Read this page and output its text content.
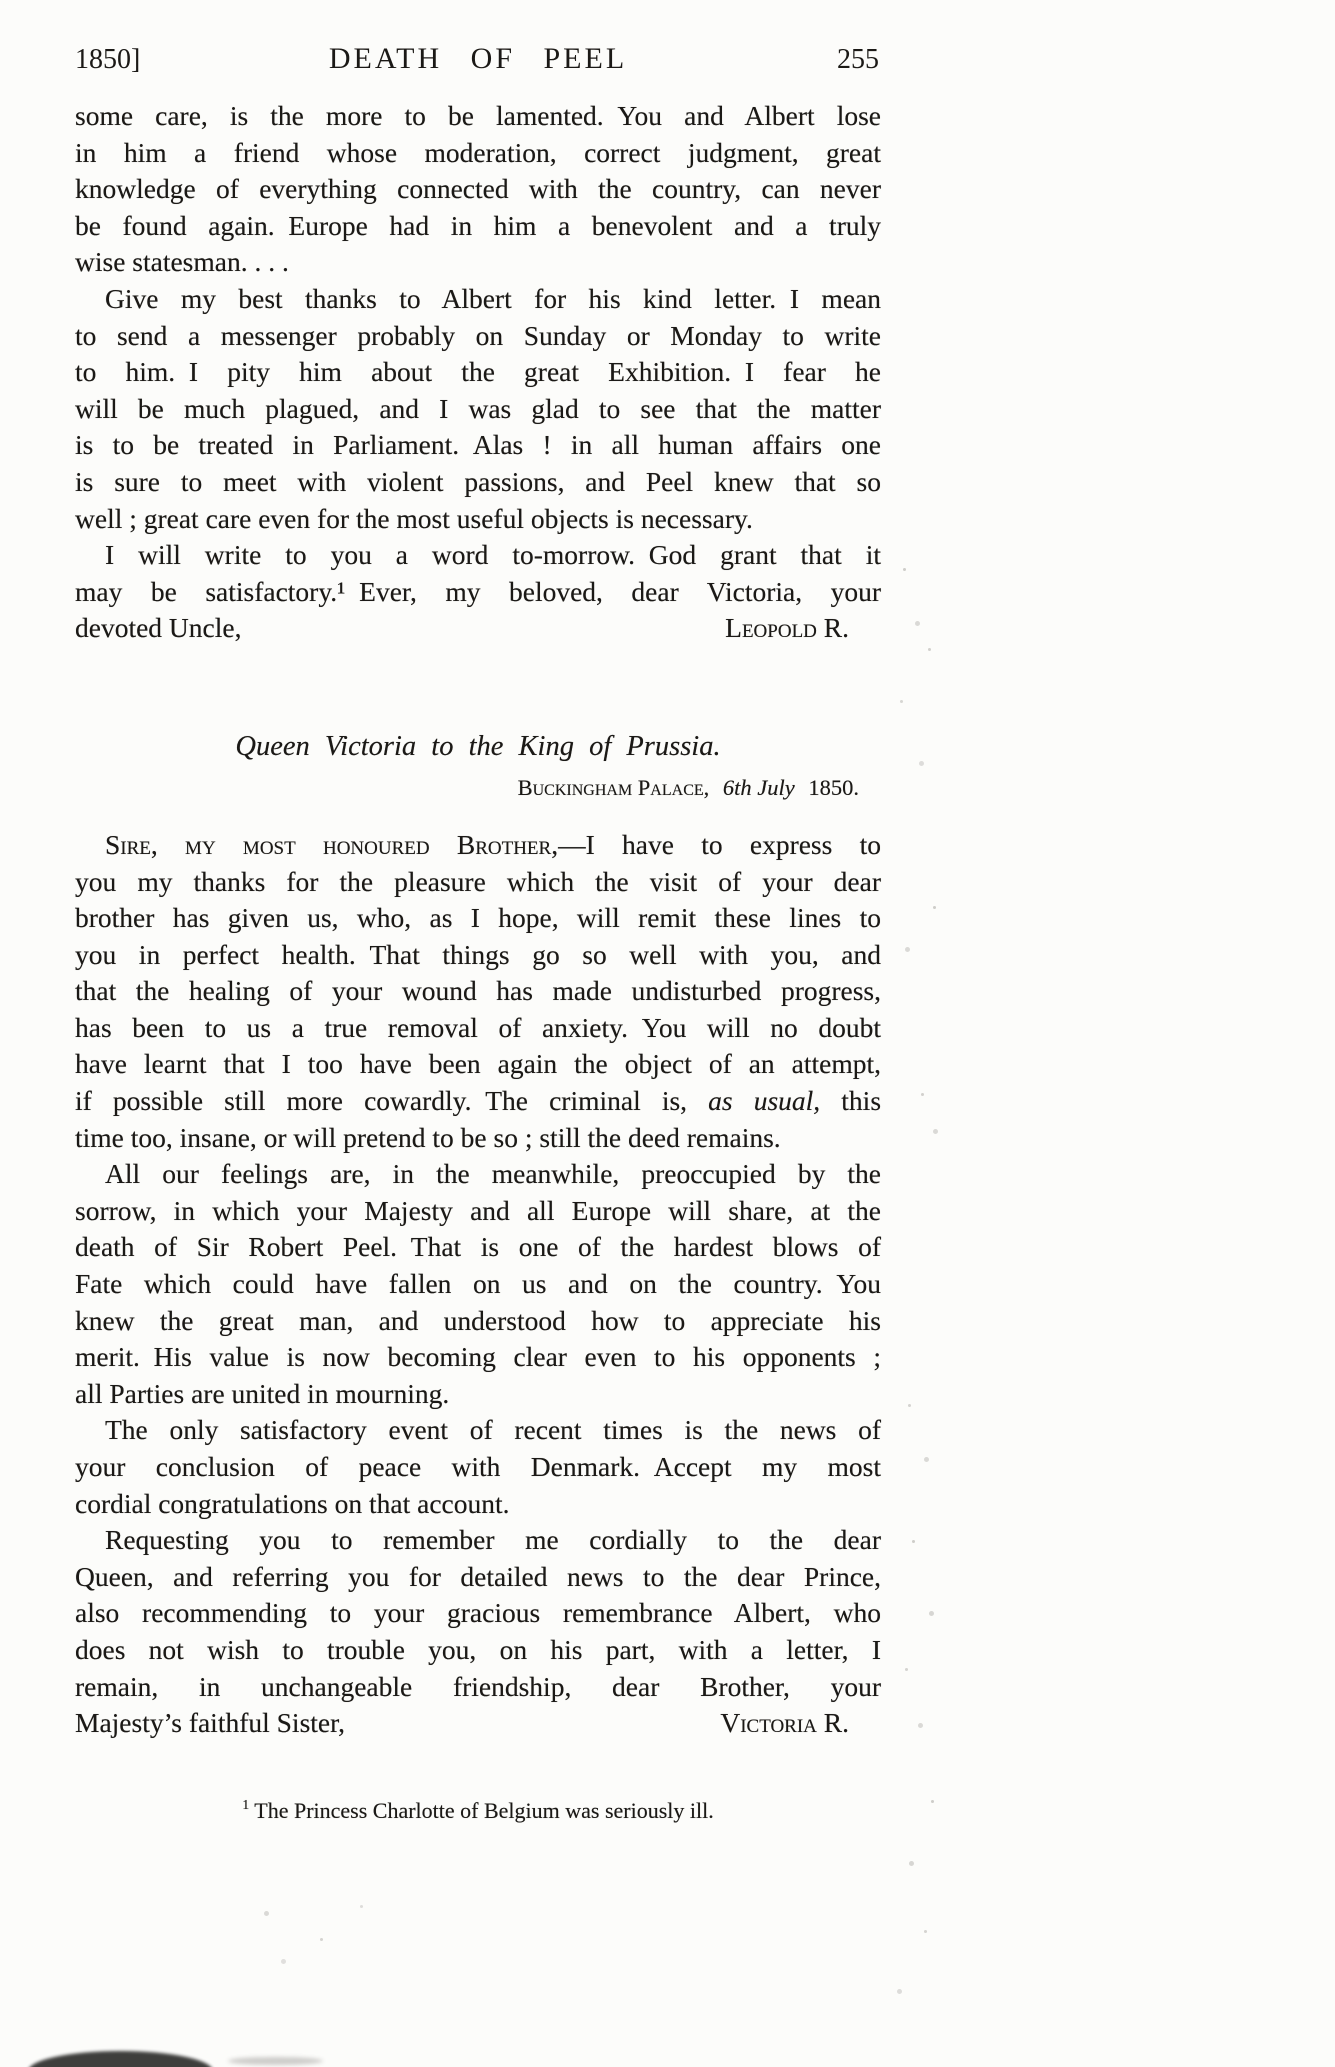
1850]	DEATH OF PEEL	255
some care, is the more to be lamented. You and Albert lose
in him a friend whose moderation, correct judgment, great
knowledge of everything connected with the country, can never
be found again. Europe had in him a benevolent and a truly
wise statesman. . . .
Give my best thanks to Albert for his kind letter. I mean
to send a messenger probably on Sunday or Monday to write
to him. I pity him about the great Exhibition. I fear he
will be much plagued, and I was glad to see that the matter
is to be treated in Parliament. Alas ! in all human affairs one
is sure to meet with violent passions, and Peel knew that so
well ; great care even for the most useful objects is necessary.
I will write to you a word to-morrow. God grant that it
may be satisfactory.¹ Ever, my beloved, dear Victoria, your
devoted Uncle,	Leopold R.
Queen Victoria to the King of Prussia.
Buckingham Palace, 6th July 1850.
Sire, my most honoured Brother,—I have to express to
you my thanks for the pleasure which the visit of your dear
brother has given us, who, as I hope, will remit these lines to
you in perfect health. That things go so well with you, and
that the healing of your wound has made undisturbed progress,
has been to us a true removal of anxiety. You will no doubt
have learnt that I too have been again the object of an attempt,
if possible still more cowardly. The criminal is, as usual, this
time too, insane, or will pretend to be so ; still the deed remains.
All our feelings are, in the meanwhile, preoccupied by the
sorrow, in which your Majesty and all Europe will share, at the
death of Sir Robert Peel. That is one of the hardest blows of
Fate which could have fallen on us and on the country. You
knew the great man, and understood how to appreciate his
merit. His value is now becoming clear even to his opponents ;
all Parties are united in mourning.
The only satisfactory event of recent times is the news of
your conclusion of peace with Denmark. Accept my most
cordial congratulations on that account.
Requesting you to remember me cordially to the dear
Queen, and referring you for detailed news to the dear Prince,
also recommending to your gracious remembrance Albert, who
does not wish to trouble you, on his part, with a letter, I
remain, in unchangeable friendship, dear Brother, your
Majesty’s faithful Sister,	Victoria R.
$^1$ The Princess Charlotte of Belgium was seriously ill.
